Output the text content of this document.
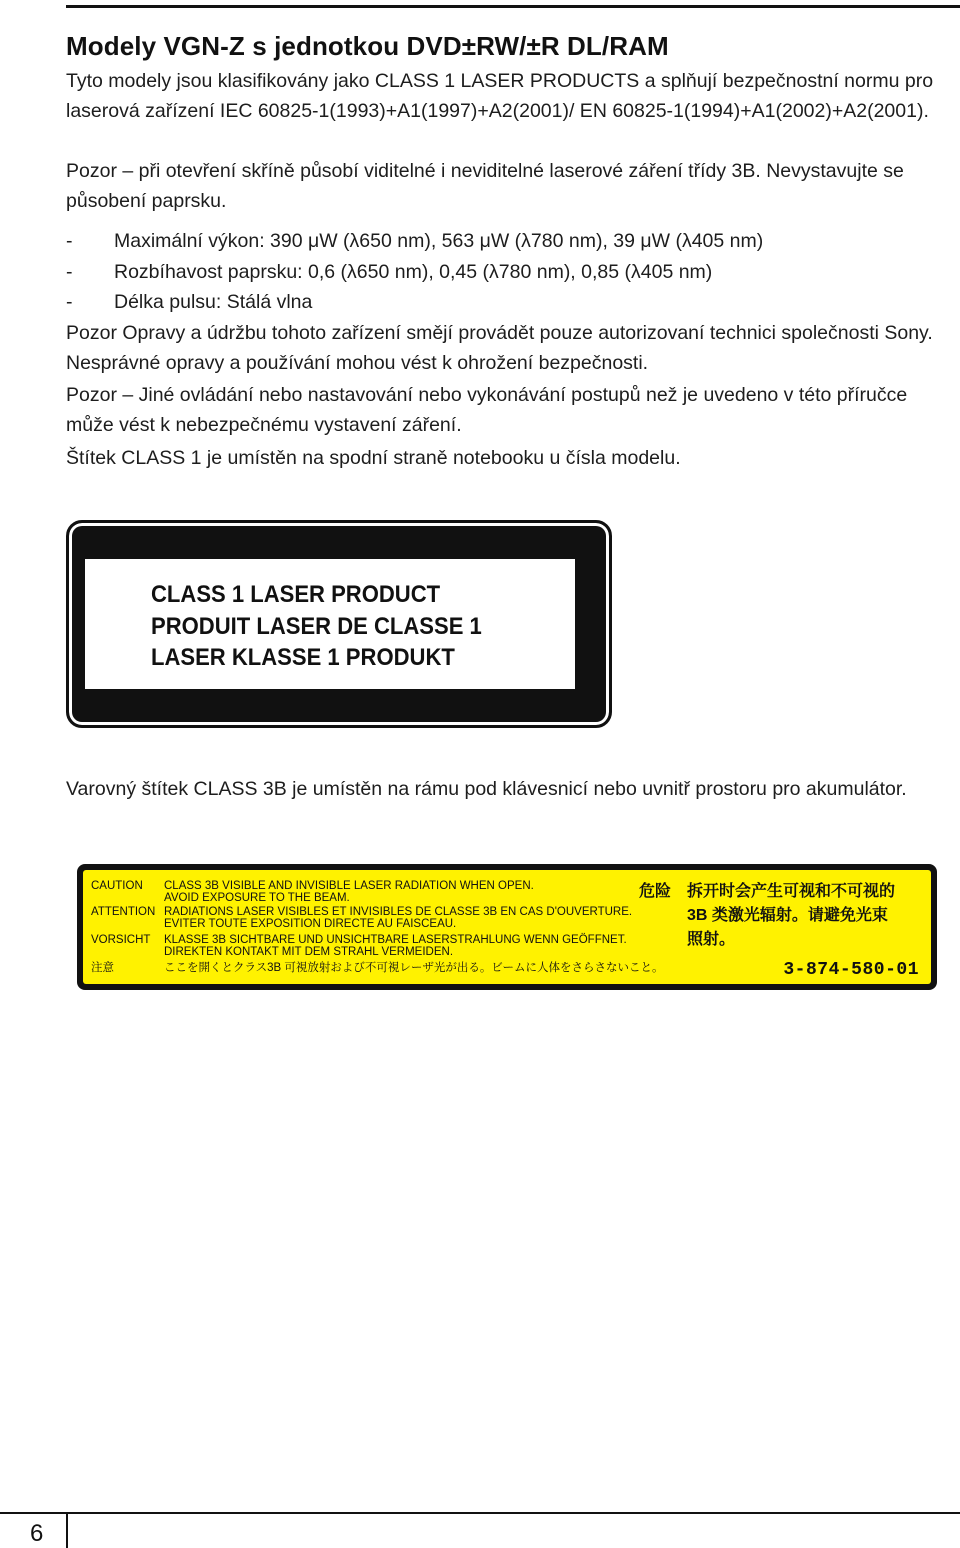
Modely VGN-Z s jednotkou DVD±RW/±R DL/RAM

Tyto modely jsou klasifikovány jako CLASS 1 LASER PRODUCTS a splňují bezpečnostní normu pro laserová zařízení IEC 60825-1(1993)+A1(1997)+A2(2001)/ EN 60825-1(1994)+A1(2002)+A2(2001).

Pozor – při otevření skříně působí viditelné i neviditelné laserové záření třídy 3B. Nevystavujte se působení paprsku.

- Maximální výkon: 390 μW (λ650 nm), 563 μW (λ780 nm), 39 μW (λ405 nm)
- Rozbíhavost paprsku: 0,6 (λ650 nm), 0,45 (λ780 nm), 0,85 (λ405 nm)
- Délka pulsu: Stálá vlna

Pozor Opravy a údržbu tohoto zařízení smějí provádět pouze autorizovaní technici společnosti Sony. Nesprávné opravy a používání mohou vést k ohrožení bezpečnosti.

Pozor – Jiné ovládání nebo nastavování nebo vykonávání postupů než je uvedeno v této příručce může vést k nebezpečnému vystavení záření.

Štítek CLASS 1 je umístěn na spodní straně notebooku u čísla modelu.

CLASS 1 LASER PRODUCT
PRODUIT LASER DE CLASSE 1
LASER KLASSE 1 PRODUKT

Varovný štítek CLASS 3B je umístěn na rámu pod klávesnicí nebo uvnitř prostoru pro akumulátor.

CAUTION	CLASS 3B VISIBLE AND INVISIBLE LASER RADIATION WHEN OPEN.
AVOID EXPOSURE TO THE BEAM.
ATTENTION RADIATIONS LASER VISIBLES ET INVISIBLES DE CLASSE 3B EN CAS D'OUVERTURE.
EVITER TOUTE EXPOSITION DIRECTE AU FAISCEAU.
VORSICHT	KLASSE 3B SICHTBARE UND UNSICHTBARE LASERSTRAHLUNG WENN GEÖFFNET.
DIREKTEN KONTAKT MIT DEM STRAHL VERMEIDEN.
注意	ここを開くとクラス3B 可視放射および不可視レーザ光が出る。ビームに人体をさらさないこと。
危险 拆开时会产生可视和不可视的
3B 类激光辐射。请避免光束
照射。
3-874-580-01
6
